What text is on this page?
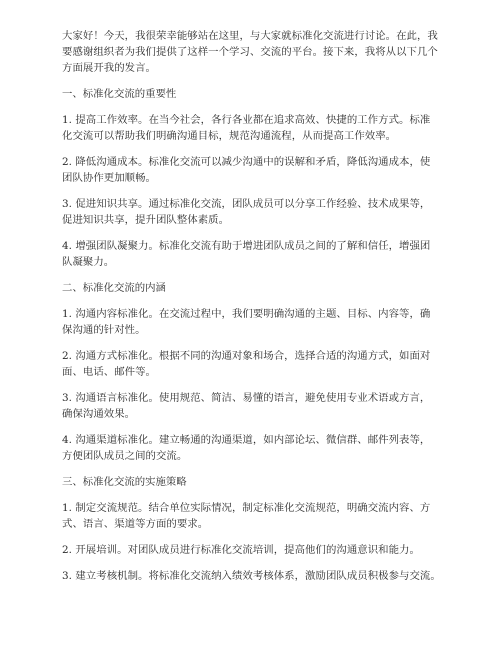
大家好！今天，我很荣幸能够站在这里，与大家就标准化交流进行讨论。在此，我
要感谢组织者为我们提供了这样一个学习、交流的平台。接下来，我将从以下几个
方面展开我的发言。
一、标准化交流的重要性
1. 提高工作效率。在当今社会，各行各业都在追求高效、快捷的工作方式。标准
化交流可以帮助我们明确沟通目标，规范沟通流程，从而提高工作效率。
2. 降低沟通成本。标准化交流可以减少沟通中的误解和矛盾，降低沟通成本，使
团队协作更加顺畅。
3. 促进知识共享。通过标准化交流，团队成员可以分享工作经验、技术成果等，
促进知识共享，提升团队整体素质。
4. 增强团队凝聚力。标准化交流有助于增进团队成员之间的了解和信任，增强团
队凝聚力。
二、标准化交流的内涵
1. 沟通内容标准化。在交流过程中，我们要明确沟通的主题、目标、内容等，确
保沟通的针对性。
2. 沟通方式标准化。根据不同的沟通对象和场合，选择合适的沟通方式，如面对
面、电话、邮件等。
3. 沟通语言标准化。使用规范、简洁、易懂的语言，避免使用专业术语或方言，
确保沟通效果。
4. 沟通渠道标准化。建立畅通的沟通渠道，如内部论坛、微信群、邮件列表等，
方便团队成员之间的交流。
三、标准化交流的实施策略
1. 制定交流规范。结合单位实际情况，制定标准化交流规范，明确交流内容、方
式、语言、渠道等方面的要求。
2. 开展培训。对团队成员进行标准化交流培训，提高他们的沟通意识和能力。
3. 建立考核机制。将标准化交流纳入绩效考核体系，激励团队成员积极参与交流。
